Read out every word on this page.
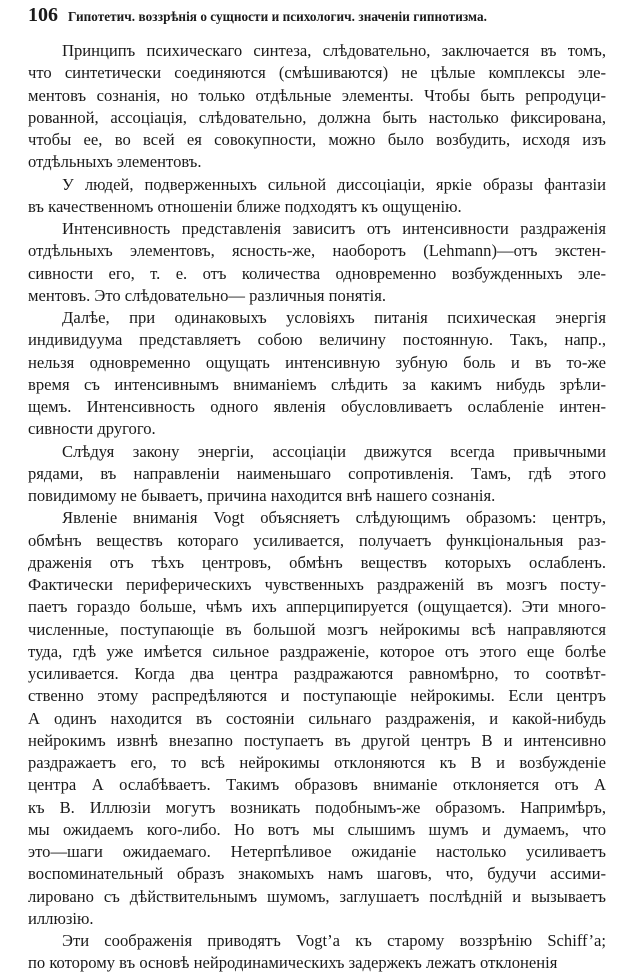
106 Гипотетич. воззрѣнія о сущности и психологич. значеніи гипнотизма.
Принципъ психическаго синтеза, слѣдовательно, заключается въ томъ,
что синтетически соединяются (смѣшиваются) не цѣлые комплексы эле-
ментовъ сознанія, но только отдѣльные элементы. Чтобы быть репродуци-
рованной, ассоціація, слѣдовательно, должна быть настолько фиксирована,
чтобы ее, во всей ея совокупности, можно было возбудить, исходя изъ
отдѣльныхъ элементовъ.
У людей, подверженныхъ сильной диссоціаціи, яркіе образы фантазіи
въ качественномъ отношеніи ближе подходятъ къ ощущенію.
Интенсивность представленія зависитъ отъ интенсивности раздраженія
отдѣльныхъ элементовъ, ясность-же, наоборотъ (Lehmann)—отъ экстен-
сивности его, т. е. отъ количества одновременно возбужденныхъ эле-
ментовъ. Это слѣдовательно— различныя понятія.
Далѣе, при одинаковыхъ условіяхъ питанія психическая энергія
индивидуума представляетъ собою величину постоянную. Такъ, напр.,
нельзя одновременно ощущать интенсивную зубную боль и въ то-же
время съ интенсивнымъ вниманіемъ слѣдить за какимъ нибудь зрѣли-
щемъ. Интенсивность одного явленія обусловливаетъ ослабленіе интен-
сивности другого.
Слѣдуя закону энергіи, ассоціаціи движутся всегда привычными
рядами, въ направленіи наименьшаго сопротивленія. Тамъ, гдѣ этого
повидимому не бываетъ, причина находится внѣ нашего сознанія.
Явленіе вниманія Vogt объясняетъ слѣдующимъ образомъ: центръ,
обмѣнъ веществъ котораго усиливается, получаетъ функціональныя раз-
драженія отъ тѣхъ центровъ, обмѣнъ веществъ которыхъ ослабленъ.
Фактически периферическихъ чувственныхъ раздраженій въ мозгъ посту-
паетъ гораздо больше, чѣмъ ихъ апперципируется (ощущается). Эти много-
численные, поступающіе въ большой мозгъ нейрокимы всѣ направляются
туда, гдѣ уже имѣется сильное раздраженіе, которое отъ этого еще болѣе
усиливается. Когда два центра раздражаются равномѣрно, то соотвѣт-
ственно этому распредѣляются и поступающіе нейрокимы. Если центръ
А одинъ находится въ состояніи сильнаго раздраженія, и какой-нибудь
нейрокимъ извнѣ внезапно поступаетъ въ другой центръ В и интенсивно
раздражаетъ его, то всѣ нейрокимы отклоняются къ В и возбужденіе
центра А ослабѣваетъ. Такимъ образовъ вниманіе отклоняется отъ А
къ В. Иллюзіи могутъ возникать подобнымъ-же образомъ. Напримѣръ,
мы ожидаемъ кого-либо. Но вотъ мы слышимъ шумъ и думаемъ, что
это—шаги ожидаемаго. Нетерпѣливое ожиданіе настолько усиливаетъ
воспоминательный образъ знакомыхъ намъ шаговъ, что, будучи ассими-
лировано съ дѣйствительнымъ шумомъ, заглушаетъ послѣдній и вызываетъ
иллюзію.
Эти соображенія приводятъ Vogt’а къ старому воззрѣнію Schiff’а;
по которому въ основѣ нейродинамическихъ задержекъ лежатъ отклоненія
